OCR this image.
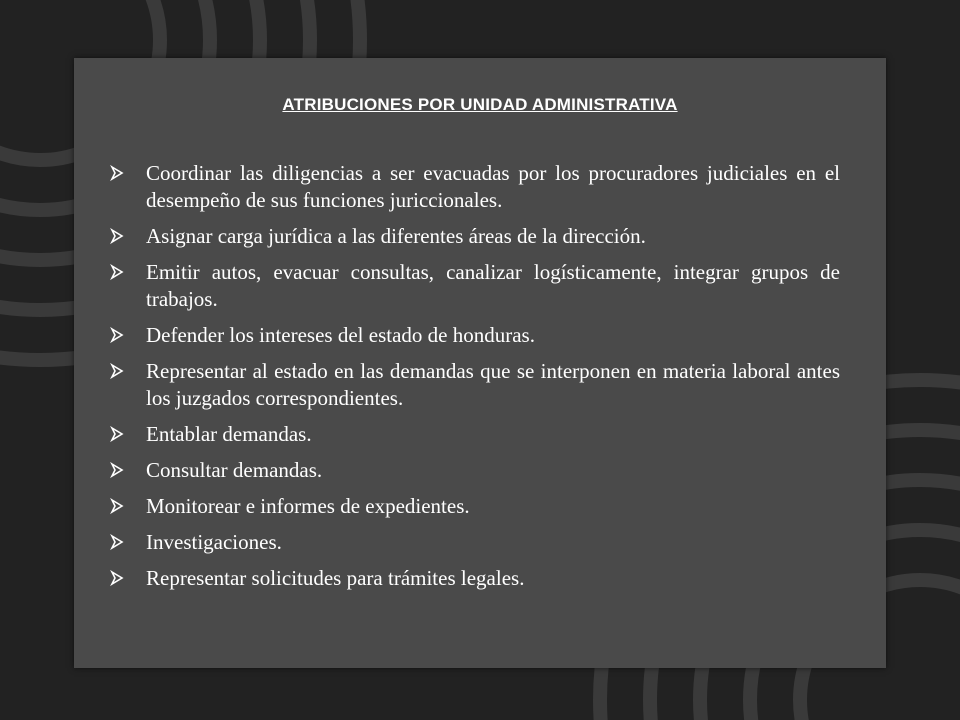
ATRIBUCIONES POR UNIDAD ADMINISTRATIVA
Coordinar las diligencias a ser evacuadas por los procuradores judiciales en el desempeño de sus funciones juriccionales.
Asignar carga jurídica a las diferentes áreas de la dirección.
Emitir autos, evacuar consultas, canalizar logísticamente, integrar grupos de trabajos.
Defender los intereses del estado de honduras.
Representar al estado en las demandas que se interponen en materia laboral antes los juzgados correspondientes.
Entablar demandas.
Consultar demandas.
Monitorear e informes de expedientes.
Investigaciones.
Representar solicitudes para trámites legales.
